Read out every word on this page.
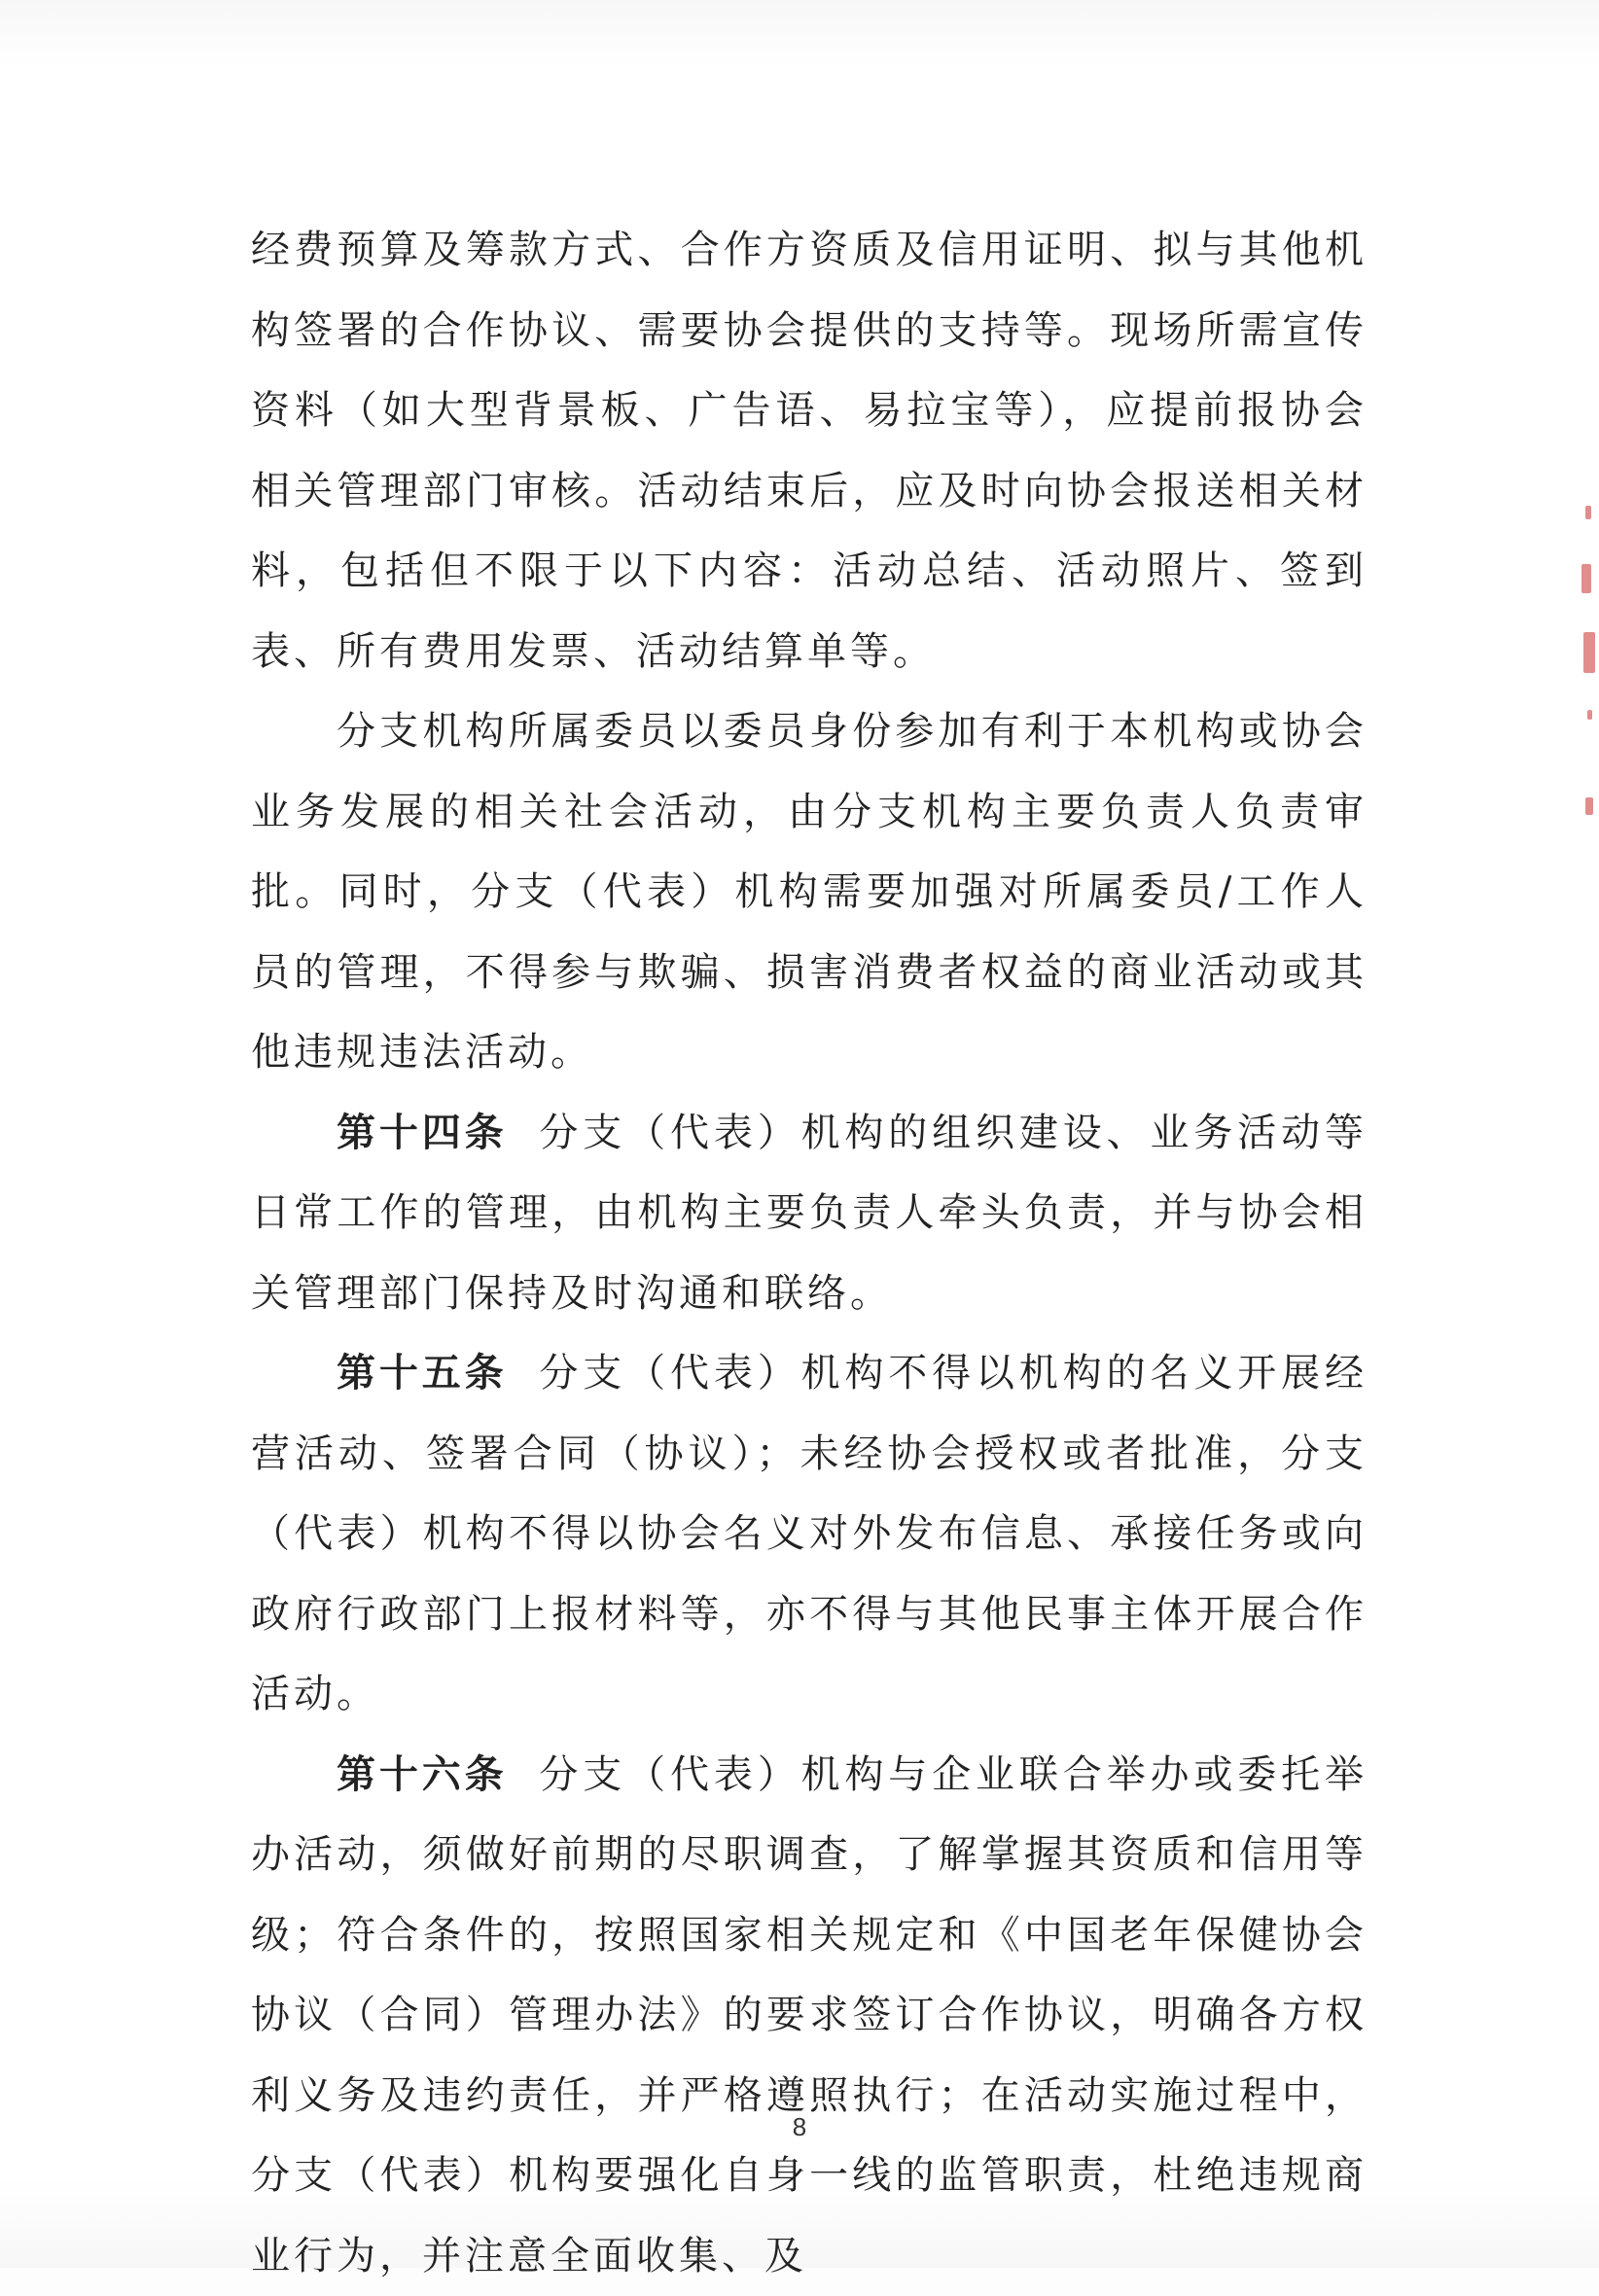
经费预算及筹款方式、合作方资质及信用证明、拟与其他机构签署的合作协议、需要协会提供的支持等。现场所需宣传资料（如大型背景板、广告语、易拉宝等），应提前报协会相关管理部门审核。活动结束后，应及时向协会报送相关材料，包括但不限于以下内容：活动总结、活动照片、签到表、所有费用发票、活动结算单等。

分支机构所属委员以委员身份参加有利于本机构或协会业务发展的相关社会活动，由分支机构主要负责人负责审批。同时，分支（代表）机构需要加强对所属委员/工作人员的管理，不得参与欺骗、损害消费者权益的商业活动或其他违规违法活动。

第十四条 分支（代表）机构的组织建设、业务活动等日常工作的管理，由机构主要负责人牵头负责，并与协会相关管理部门保持及时沟通和联络。

第十五条 分支（代表）机构不得以机构的名义开展经营活动、签署合同（协议）；未经协会授权或者批准，分支（代表）机构不得以协会名义对外发布信息、承接任务或向政府行政部门上报材料等，亦不得与其他民事主体开展合作活动。

第十六条 分支（代表）机构与企业联合举办或委托举办活动，须做好前期的尽职调查，了解掌握其资质和信用等级；符合条件的，按照国家相关规定和《中国老年保健协会协议（合同）管理办法》的要求签订合作协议，明确各方权利义务及违约责任，并严格遵照执行；在活动实施过程中，分支（代表）机构要强化自身一线的监管职责，杜绝违规商业行为，并注意全面收集、及

8
